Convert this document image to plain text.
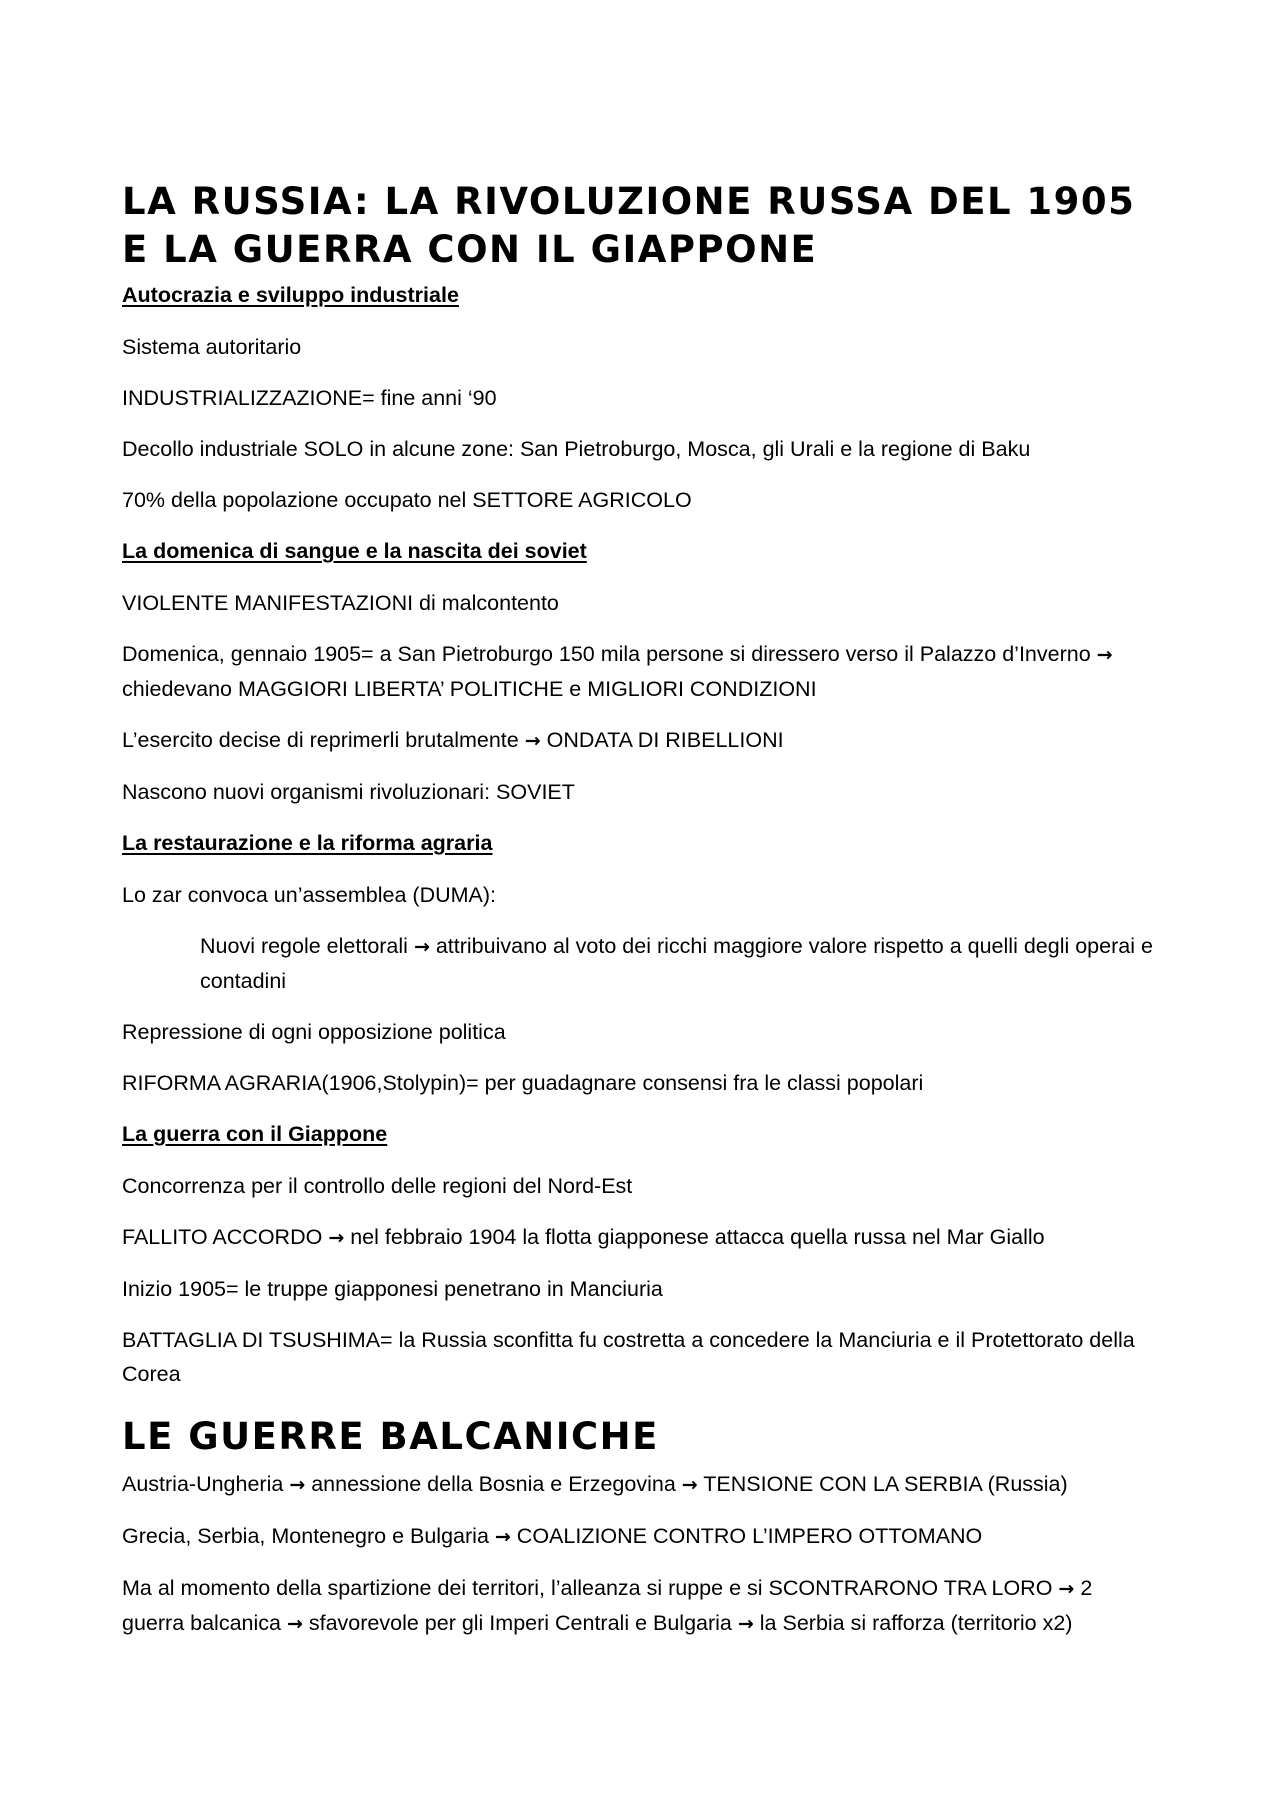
LA RUSSIA: LA RIVOLUZIONE RUSSA DEL 1905
E LA GUERRA CON IL GIAPPONE
Autocrazia e sviluppo industriale

Sistema autoritario

INDUSTRIALIZZAZIONE= fine anni ‘90

Decollo industriale SOLO in alcune zone: San Pietroburgo, Mosca, gli Urali e la regione di Baku

70% della popolazione occupato nel SETTORE AGRICOLO

La domenica di sangue e la nascita dei soviet

VIOLENTE MANIFESTAZIONI di malcontento

Domenica, gennaio 1905= a San Pietroburgo 150 mila persone si diressero verso il Palazzo d’Inverno → chiedevano MAGGIORI LIBERTA’ POLITICHE e MIGLIORI CONDIZIONI

L’esercito decise di reprimerli brutalmente → ONDATA DI RIBELLIONI

Nascono nuovi organismi rivoluzionari: SOVIET

La restaurazione e la riforma agraria

Lo zar convoca un’assemblea (DUMA):

Nuovi regole elettorali → attribuivano al voto dei ricchi maggiore valore rispetto a quelli degli operai e contadini

Repressione di ogni opposizione politica

RIFORMA AGRARIA(1906,Stolypin)= per guadagnare consensi fra le classi popolari

La guerra con il Giappone

Concorrenza per il controllo delle regioni del Nord-Est

FALLITO ACCORDO → nel febbraio 1904 la flotta giapponese attacca quella russa nel Mar Giallo

Inizio 1905= le truppe giapponesi penetrano in Manciuria

BATTAGLIA DI TSUSHIMA= la Russia sconfitta fu costretta a concedere la Manciuria e il Protettorato della Corea

LE GUERRE BALCANICHE

Austria-Ungheria → annessione della Bosnia e Erzegovina → TENSIONE CON LA SERBIA (Russia)

Grecia, Serbia, Montenegro e Bulgaria → COALIZIONE CONTRO L’IMPERO OTTOMANO

Ma al momento della spartizione dei territori, l’alleanza si ruppe e si SCONTRARONO TRA LORO → 2 guerra balcanica → sfavorevole per gli Imperi Centrali e Bulgaria → la Serbia si rafforza (territorio x2)
